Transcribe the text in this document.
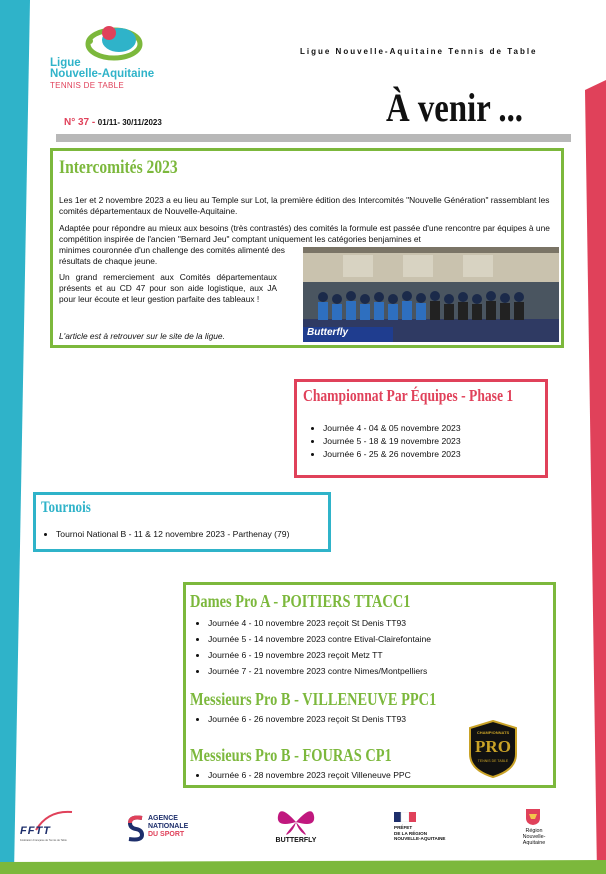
Ligue
Nouvelle-Aquitaine
TENNIS DE TABLE
Ligue Nouvelle-Aquitaine Tennis de Table
À venir ...
N° 37 - 01/11- 30/11/2023
Intercomités 2023
Les 1er et 2 novembre 2023 a eu lieu au Temple sur Lot, la première édition des Intercomités "Nouvelle Génération" rassemblant les comités départementaux de Nouvelle-Aquitaine.
Adaptée pour répondre au mieux aux besoins (très contrastés) des comités la formule est passée d'une rencontre par équipes à une compétition inspirée de l'ancien "Bernard Jeu" comptant uniquement les catégories benjamines et
minimes couronnée d'un challenge des comités alimenté des résultats de chaque jeune.
Un grand remerciement aux Comités départementaux présents et au CD 47 pour son aide logistique, aux JA pour leur écoute et leur gestion parfaite des tableaux !
L'article est à retrouver sur le site de la ligue.	Butterfly
Championnat Par Équipes - Phase 1
• Journée 4 - 04 & 05 novembre 2023
• Journée 5 - 18 & 19 novembre 2023
• Journée 6 - 25 & 26 novembre 2023
Tournois
• Tournoi National B - 11 & 12 novembre 2023 - Parthenay (79)
Dames Pro A - POITIERS TTACC1
• Journée 4 - 10 novembre 2023 reçoit St Denis TT93
• Journée 5 - 14 novembre 2023 contre Etival-Clairefontaine
• Journée 6 - 19 novembre 2023 reçoit Metz TT
• Journée 7 - 21 novembre 2023 contre Nimes/Montpelliers
Messieurs Pro B - VILLENEUVE PPC1
• Journée 6 - 26 novembre 2023 reçoit St Denis TT93
Messieurs Pro B - FOURAS CP1
• Journée 6 - 28 novembre 2023 reçoit Villeneuve PPC
CHAMPIONNATS
PRO
TENNIS DE TABLE
FFTT
Fédération Française de Tennis de Table
AGENCE
NATIONALE
DU SPORT
BUTTERFLY
PRÉFET
DE LA RÉGION
NOUVELLE-AQUITAINE
Région
Nouvelle-
Aquitaine
